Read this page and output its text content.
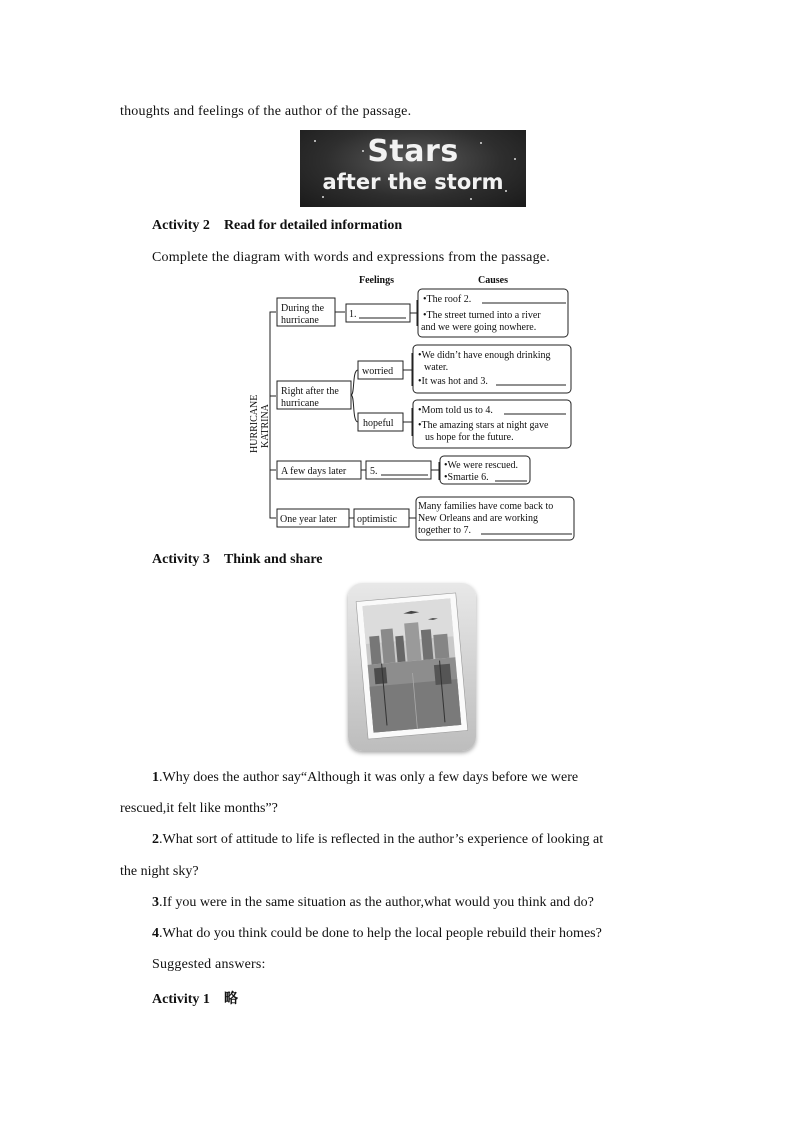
thoughts and feelings of the author of the passage.
Stars
after the storm
Activity 2 Read for detailed information
Complete the diagram with words and expressions from the passage.
Feelings	Causes
HURRICANE KATRINA
During the
hurricane
1.
•The roof 2.
•The street turned into a river
and we were going nowhere.
Right after the
hurricane
worried
•We didn’t have enough drinking
water.
•It was hot and 3.
hopeful
•Mom told us to 4.
•The amazing stars at night gave
us hope for the future.
A few days later 5.
•We were rescued.
•Smartie 6.
One year later optimistic
Many families have come back to
New Orleans and are working
together to 7.
Activity 3 Think and share
1.Why does the author say“Although it was only a few days before we were
rescued,it felt like months”?
2.What sort of attitude to life is reflected in the author’s experience of looking at
the night sky?
3.If you were in the same situation as the author,what would you think and do?
4.What do you think could be done to help the local people rebuild their homes?
Suggested answers:
Activity 1 略
